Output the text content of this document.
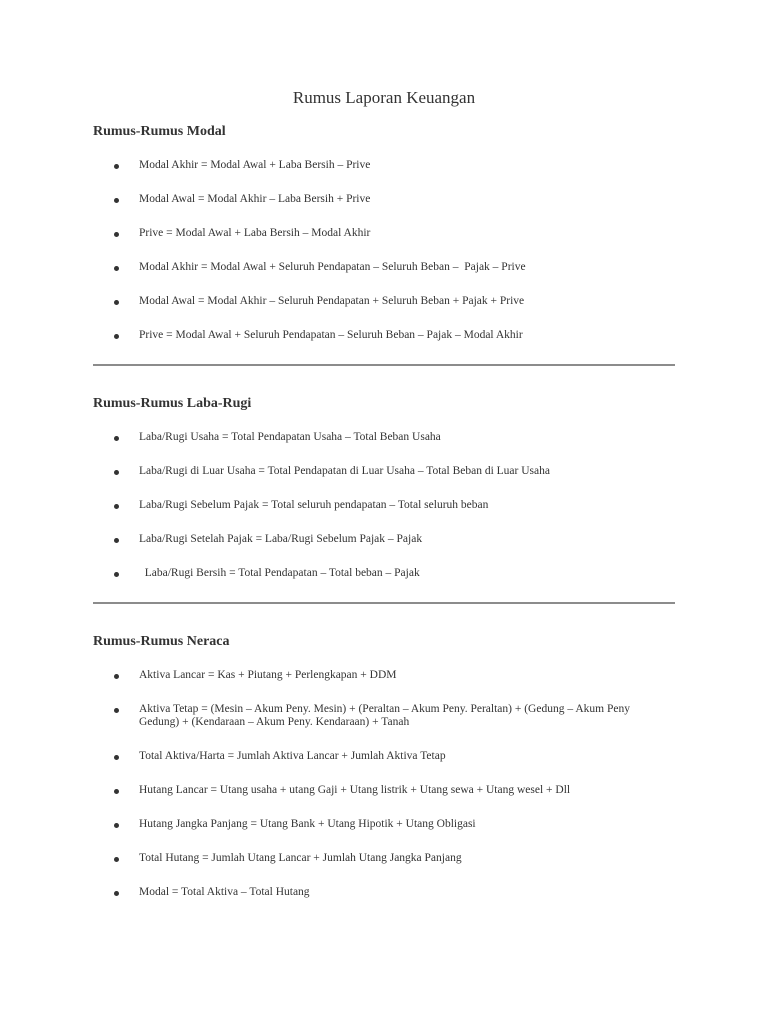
Rumus Laporan Keuangan
Rumus-Rumus Modal
Modal Akhir = Modal Awal + Laba Bersih – Prive
Modal Awal = Modal Akhir – Laba Bersih + Prive
Prive = Modal Awal + Laba Bersih – Modal Akhir
Modal Akhir = Modal Awal + Seluruh Pendapatan – Seluruh Beban –  Pajak – Prive
Modal Awal = Modal Akhir – Seluruh Pendapatan + Seluruh Beban + Pajak + Prive
Prive = Modal Awal + Seluruh Pendapatan – Seluruh Beban – Pajak – Modal Akhir
Rumus-Rumus Laba-Rugi
Laba/Rugi Usaha = Total Pendapatan Usaha – Total Beban Usaha
Laba/Rugi di Luar Usaha = Total Pendapatan di Luar Usaha – Total Beban di Luar Usaha
Laba/Rugi Sebelum Pajak = Total seluruh pendapatan – Total seluruh beban
Laba/Rugi Setelah Pajak = Laba/Rugi Sebelum Pajak – Pajak
Laba/Rugi Bersih = Total Pendapatan – Total beban – Pajak
Rumus-Rumus Neraca
Aktiva Lancar = Kas + Piutang + Perlengkapan + DDM
Aktiva Tetap = (Mesin – Akum Peny. Mesin) + (Peraltan – Akum Peny. Peraltan) + (Gedung – Akum Peny Gedung) + (Kendaraan – Akum Peny. Kendaraan) + Tanah
Total Aktiva/Harta = Jumlah Aktiva Lancar + Jumlah Aktiva Tetap
Hutang Lancar = Utang usaha + utang Gaji + Utang listrik + Utang sewa + Utang wesel + Dll
Hutang Jangka Panjang = Utang Bank + Utang Hipotik + Utang Obligasi
Total Hutang = Jumlah Utang Lancar + Jumlah Utang Jangka Panjang
Modal = Total Aktiva – Total Hutang
